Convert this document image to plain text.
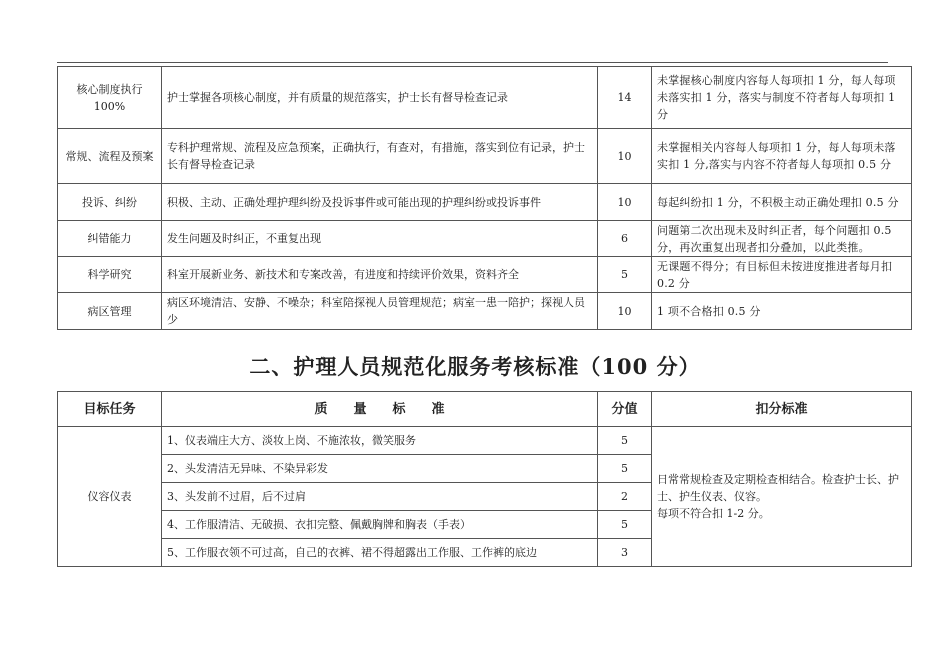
核心制度执行100%	护士掌握各项核心制度，并有质量的规范落实，护士长有督导检查记录	14	未掌握核心制度内容每人每项扣 1 分，每人每项未落实扣 1 分，落实与制度不符者每人每项扣 1 分
常规、流程及预案	专科护理常规、流程及应急预案，正确执行，有查对，有措施，落实到位有记录，护士长有督导检查记录	10	未掌握相关内容每人每项扣 1 分，每人每项未落实扣 1 分,落实与内容不符者每人每项扣 0.5 分
投诉、纠纷	积极、主动、正确处理护理纠纷及投诉事件或可能出现的护理纠纷或投诉事件	10	每起纠纷扣 1 分，不积极主动正确处理扣 0.5 分
纠错能力	发生问题及时纠正，不重复出现	6	问题第二次出现未及时纠正者，每个问题扣 0.5 分，再次重复出现者扣分叠加，以此类推。
科学研究	科室开展新业务、新技术和专案改善，有进度和持续评价效果，资料齐全	5	无课题不得分；有目标但未按进度推进者每月扣 0.2 分
病区管理	病区环境清洁、安静、不噪杂；科室陪探视人员管理规范；病室一患一陪护；探视人员少	10	1 项不合格扣 0.5 分
二、护理人员规范化服务考核标准（100 分）
目标任务	质　　量　　标　　准	分值	扣分标准
仪容仪表	1、仪表端庄大方、淡妆上岗、不施浓妆，微笑服务	5	日常常规检查及定期检查相结合。检查护士长、护士、护生仪表、仪容。
每项不符合扣 1-2 分。

	2、头发清洁无异味、不染异彩发	5	
	3、头发前不过眉，后不过肩	2	
	4、工作服清洁、无破损、衣扣完整、佩戴胸牌和胸表（手表）	5	
	5、工作服衣领不可过高，自己的衣裤、裙不得超露出工作服、工作裤的底边	3	
